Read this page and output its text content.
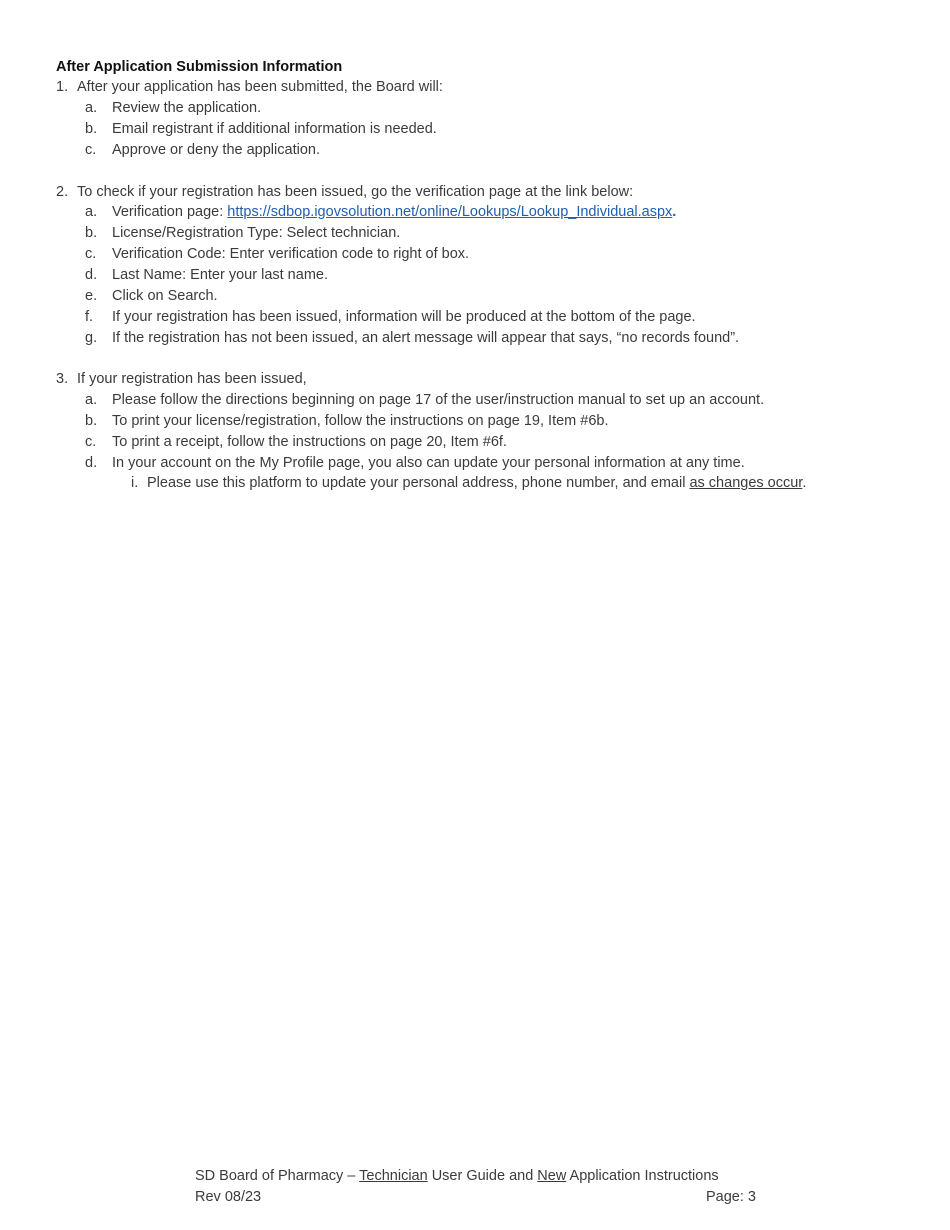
After Application Submission Information
1. After your application has been submitted, the Board will:
a. Review the application.
b. Email registrant if additional information is needed.
c. Approve or deny the application.
2. To check if your registration has been issued, go the verification page at the link below:
a. Verification page: https://sdbop.igovsolution.net/online/Lookups/Lookup_Individual.aspx.
b. License/Registration Type: Select technician.
c. Verification Code: Enter verification code to right of box.
d. Last Name: Enter your last name.
e. Click on Search.
f. If your registration has been issued, information will be produced at the bottom of the page.
g. If the registration has not been issued, an alert message will appear that says, “no records found”.
3. If your registration has been issued,
a. Please follow the directions beginning on page 17 of the user/instruction manual to set up an account.
b. To print your license/registration, follow the instructions on page 19, Item #6b.
c. To print a receipt, follow the instructions on page 20, Item #6f.
d. In your account on the My Profile page, you also can update your personal information at any time.
i. Please use this platform to update your personal address, phone number, and email as changes occur.
SD Board of Pharmacy – Technician User Guide and New Application Instructions
Rev 08/23	Page: 3
